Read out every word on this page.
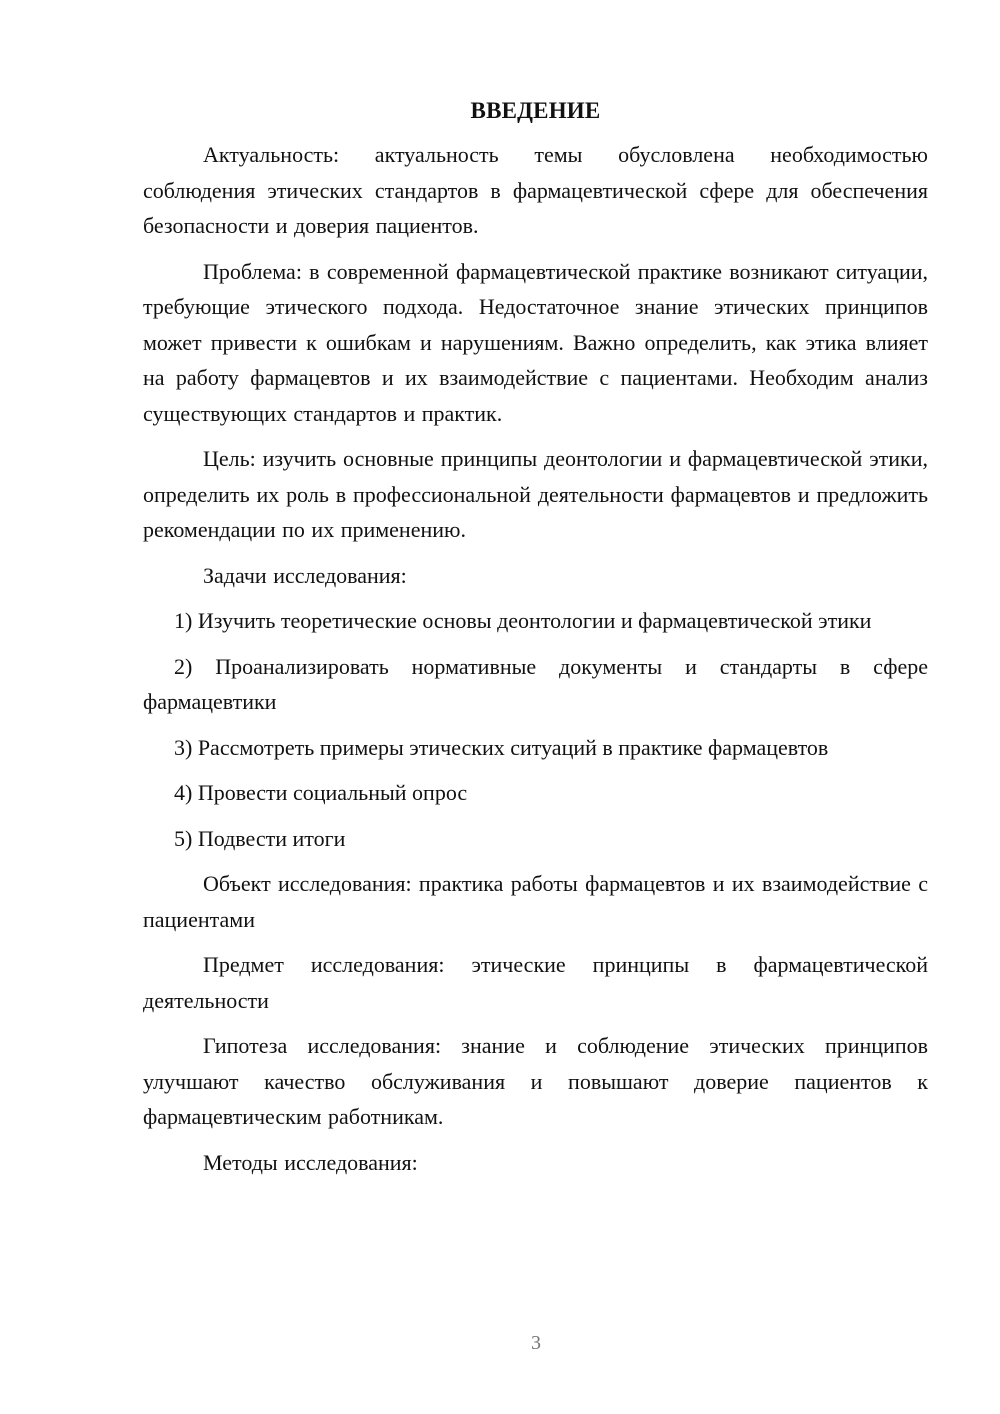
ВВЕДЕНИЕ

Актуальность: актуальность темы обусловлена необходимостью соблюдения этических стандартов в фармацевтической сфере для обеспечения безопасности и доверия пациентов.

Проблема: в современной фармацевтической практике возникают ситуации, требующие этического подхода. Недостаточное знание этических принципов может привести к ошибкам и нарушениям. Важно определить, как этика влияет на работу фармацевтов и их взаимодействие с пациентами. Необходим анализ существующих стандартов и практик.

Цель: изучить основные принципы деонтологии и фармацевтической этики, определить их роль в профессиональной деятельности фармацевтов и предложить рекомендации по их применению.

Задачи исследования:

1) Изучить теоретические основы деонтологии и фармацевтической этики

2) Проанализировать нормативные документы и стандарты в сфере фармацевтики

3) Рассмотреть примеры этических ситуаций в практике фармацевтов

4) Провести социальный опрос

5) Подвести итоги

Объект исследования: практика работы фармацевтов и их взаимодействие с пациентами

Предмет исследования: этические принципы в фармацевтической деятельности

Гипотеза исследования: знание и соблюдение этических принципов улучшают качество обслуживания и повышают доверие пациентов к фармацевтическим работникам.

Методы исследования:

3
